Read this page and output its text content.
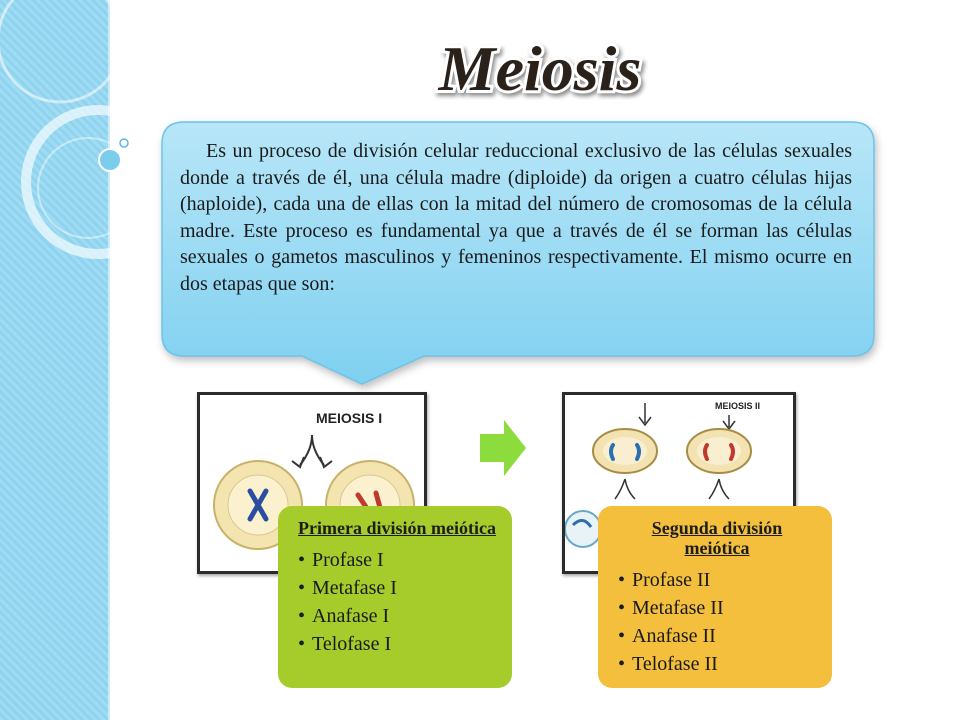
Meiosis

Es un proceso de división celular reduccional exclusivo de las células sexuales donde a través de él, una célula madre (diploide) da origen a cuatro células hijas (haploide), cada una de ellas con la mitad del número de cromosomas de la célula madre. Este proceso es fundamental ya que a través de él se forman las células sexuales o gametos masculinos y femeninos respectivamente. El mismo ocurre en dos etapas que son:

MEIOSIS I
MEIOSIS II
Primera división meiótica
• Profase I
• Metafase I
• Anafase I
• Telofase I
Segunda división meiótica
• Profase II
• Metafase II
• Anafase II
• Telofase II
